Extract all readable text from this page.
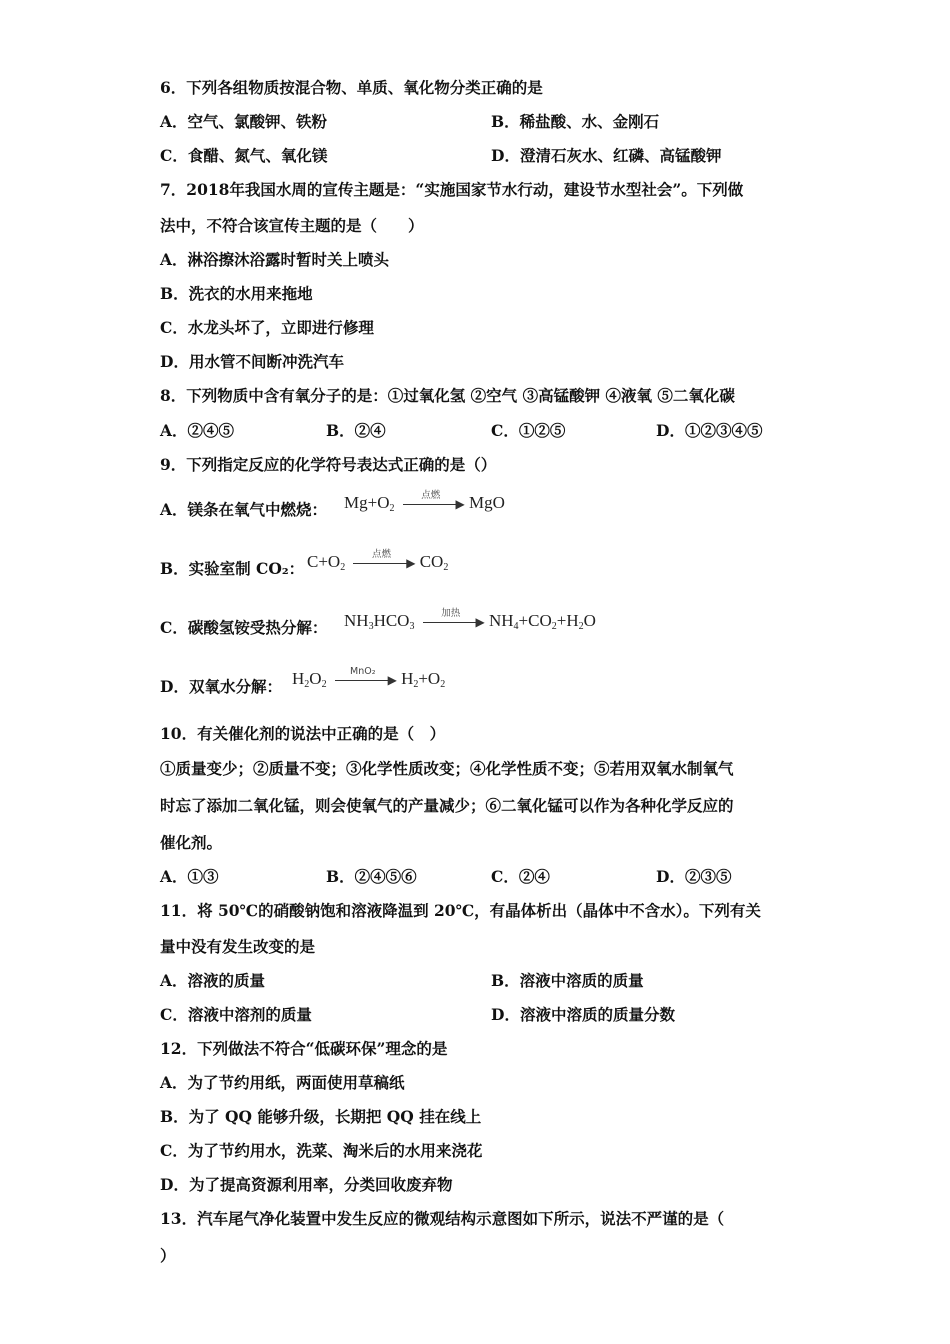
6．下列各组物质按混合物、单质、氧化物分类正确的是
A．空气、氯酸钾、铁粉	B．稀盐酸、水、金刚石
C．食醋、氮气、氧化镁	D．澄清石灰水、红磷、高锰酸钾
7．2018年我国水周的宣传主题是：“实施国家节水行动，建设节水型社会”。下列做
法中，不符合该宣传主题的是（　　）
A．淋浴擦沐浴露时暂时关上喷头
B．洗衣的水用来拖地
C．水龙头坏了，立即进行修理
D．用水管不间断冲洗汽车
8．下列物质中含有氧分子的是：①过氧化氢 ②空气 ③高锰酸钾 ④液氧 ⑤二氧化碳
A．②④⑤	B．②④	C．①②⑤	D．①②③④⑤
9．下列指定反应的化学符号表达式正确的是（）
A．镁条在氧气中燃烧： $Mg+O_2$
点燃
▶ MgO
B．实验室制 CO₂： $C+O_2$
点燃
▶ $CO_2$
C．碳酸氢铵受热分解： $NH_3HCO_3$
加热
▶ $NH_4+CO_2+H_2O$
D．双氧水分解： $H_2O_2$
MnO₂
▶ $H_2+O_2$
10．有关催化剂的说法中正确的是（　）
①质量变少；②质量不变；③化学性质改变；④化学性质不变；⑤若用双氧水制氧气
时忘了添加二氧化锰，则会使氧气的产量减少；⑥二氧化锰可以作为各种化学反应的
催化剂。
A．①③	B．②④⑤⑥	C．②④	D．②③⑤
11．将 50℃的硝酸钠饱和溶液降温到 20℃，有晶体析出（晶体中不含水）。下列有关
量中没有发生改变的是
A．溶液的质量	B．溶液中溶质的质量
C．溶液中溶剂的质量	D．溶液中溶质的质量分数
12．下列做法不符合“低碳环保”理念的是
A．为了节约用纸，两面使用草稿纸
B．为了 QQ 能够升级，长期把 QQ 挂在线上
C．为了节约用水，洗菜、淘米后的水用来浇花
D．为了提高资源利用率，分类回收废弃物
13．汽车尾气净化装置中发生反应的微观结构示意图如下所示，说法不严谨的是（
）
